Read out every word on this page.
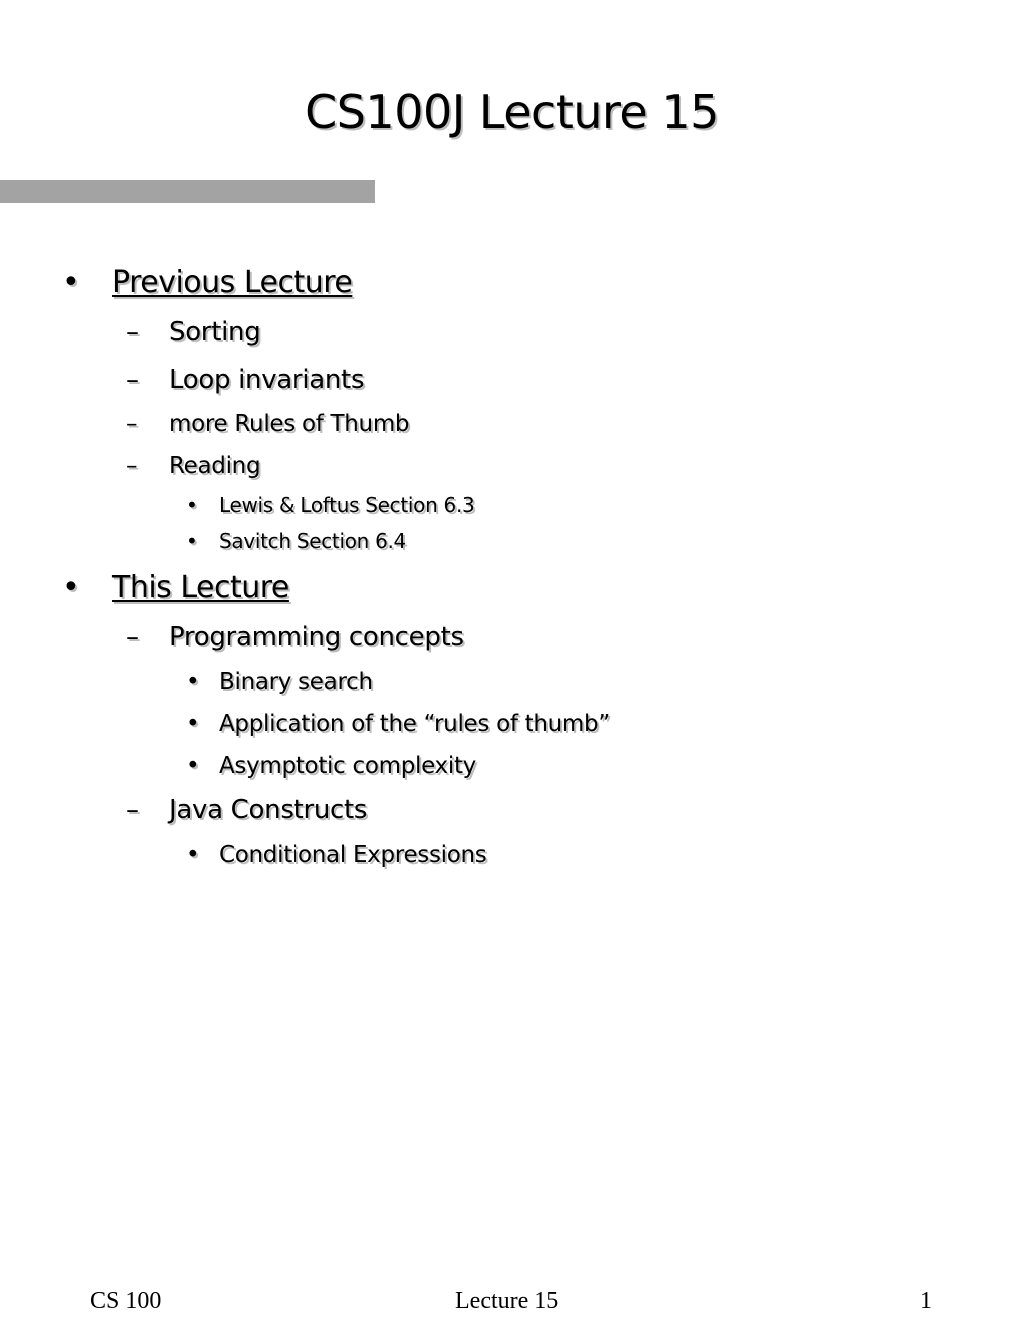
CS100J Lecture 15
• Previous Lecture
– Sorting
– Loop invariants
– more Rules of Thumb
– Reading
• Lewis & Loftus Section 6.3
• Savitch Section 6.4
• This Lecture
– Programming concepts
• Binary search
• Application of the “rules of thumb”
• Asymptotic complexity
– Java Constructs
• Conditional Expressions
CS 100	Lecture 15	1
